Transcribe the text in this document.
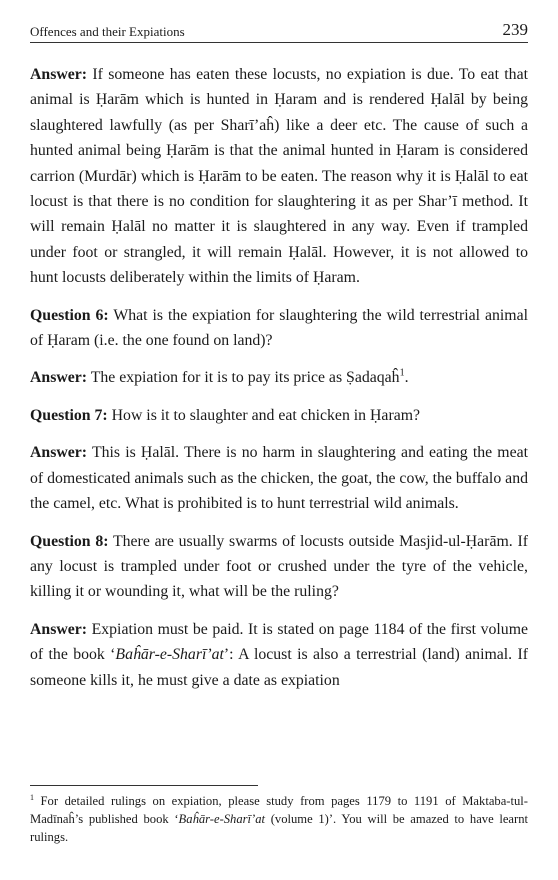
Offences and their Expiations	239

Answer: If someone has eaten these locusts, no expiation is due. To eat that animal is Ḥarām which is hunted in Ḥaram and is rendered Ḥalāl by being slaughtered lawfully (as per Sharī’aĥ) like a deer etc. The cause of such a hunted animal being Ḥarām is that the animal hunted in Ḥaram is considered carrion (Murdār) which is Ḥarām to be eaten. The reason why it is Ḥalāl to eat locust is that there is no condition for slaughtering it as per Shar’ī method. It will remain Ḥalāl no matter it is slaughtered in any way. Even if trampled under foot or strangled, it will remain Ḥalāl. However, it is not allowed to hunt locusts deliberately within the limits of Ḥaram.

Question 6: What is the expiation for slaughtering the wild terrestrial animal of Ḥaram (i.e. the one found on land)?

Answer: The expiation for it is to pay its price as Ṣadaqaĥ$^1$.

Question 7: How is it to slaughter and eat chicken in Ḥaram?

Answer: This is Ḥalāl. There is no harm in slaughtering and eating the meat of domesticated animals such as the chicken, the goat, the cow, the buffalo and the camel, etc. What is prohibited is to hunt terrestrial wild animals.

Question 8: There are usually swarms of locusts outside Masjid-ul-Ḥarām. If any locust is trampled under foot or crushed under the tyre of the vehicle, killing it or wounding it, what will be the ruling?

Answer: Expiation must be paid. It is stated on page 1184 of the first volume of the book ‘Baĥār-e-Sharī’at’: A locust is also a terrestrial (land) animal. If someone kills it, he must give a date as expiation

$^1$ For detailed rulings on expiation, please study from pages 1179 to 1191 of Maktaba-tul-Madīnaĥ’s published book ‘Baĥār-e-Sharī’at (volume 1)’. You will be amazed to have learnt rulings.
